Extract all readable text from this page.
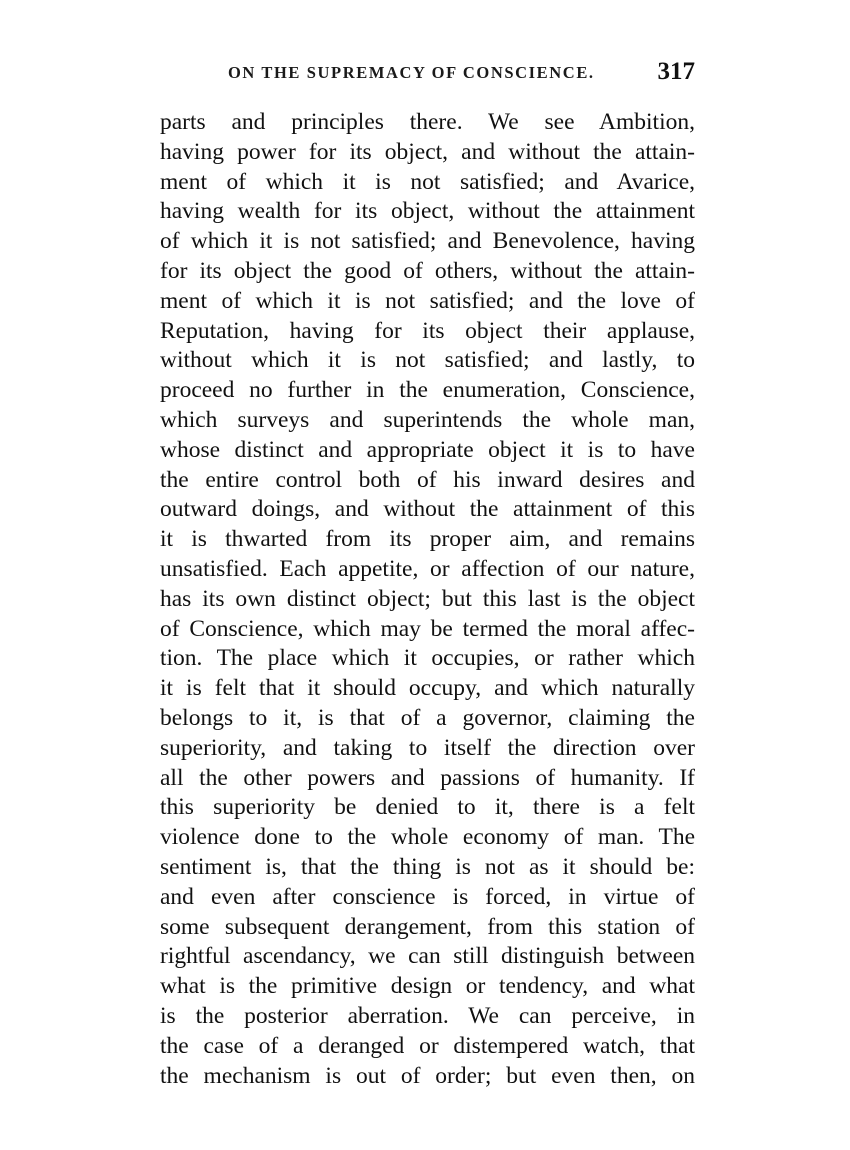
ON THE SUPREMACY OF CONSCIENCE.	317
parts and principles there. We see Ambition,
having power for its object, and without the attain-
ment of which it is not satisfied; and Avarice,
having wealth for its object, without the attainment
of which it is not satisfied; and Benevolence, having
for its object the good of others, without the attain-
ment of which it is not satisfied; and the love of
Reputation, having for its object their applause,
without which it is not satisfied; and lastly, to
proceed no further in the enumeration, Conscience,
which surveys and superintends the whole man,
whose distinct and appropriate object it is to have
the entire control both of his inward desires and
outward doings, and without the attainment of this
it is thwarted from its proper aim, and remains
unsatisfied. Each appetite, or affection of our nature,
has its own distinct object; but this last is the object
of Conscience, which may be termed the moral affec-
tion. The place which it occupies, or rather which
it is felt that it should occupy, and which naturally
belongs to it, is that of a governor, claiming the
superiority, and taking to itself the direction over
all the other powers and passions of humanity. If
this superiority be denied to it, there is a felt
violence done to the whole economy of man. The
sentiment is, that the thing is not as it should be:
and even after conscience is forced, in virtue of
some subsequent derangement, from this station of
rightful ascendancy, we can still distinguish between
what is the primitive design or tendency, and what
is the posterior aberration. We can perceive, in
the case of a deranged or distempered watch, that
the mechanism is out of order; but even then, on
